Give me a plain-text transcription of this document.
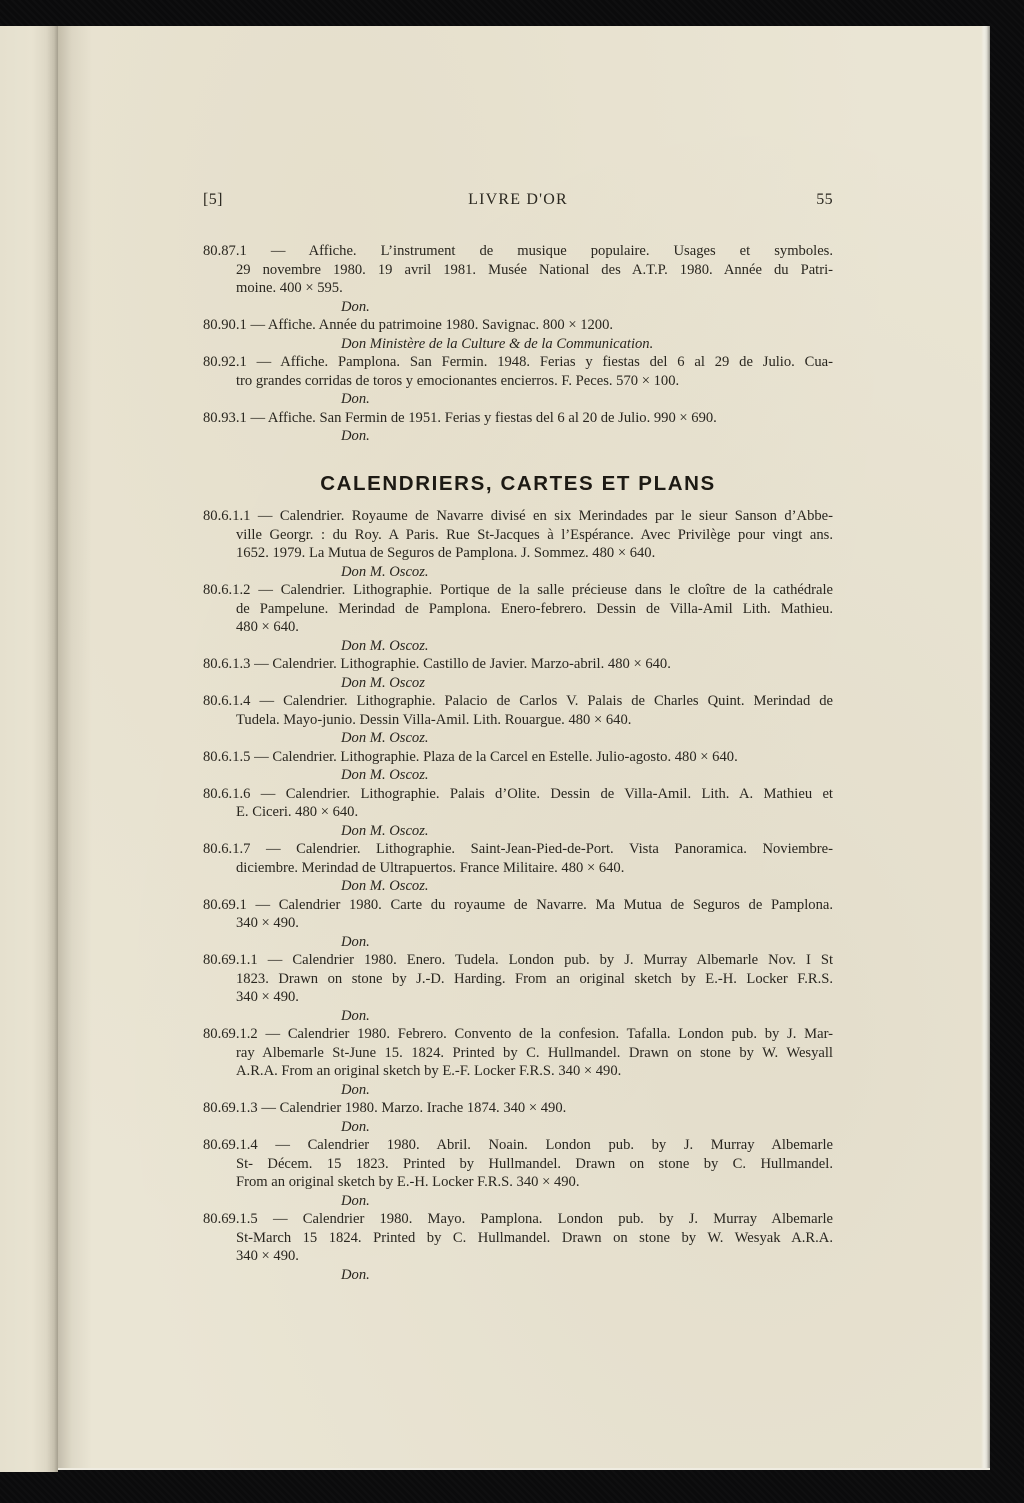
[5]	LIVRE D'OR	55
80.87.1 — Affiche. L’instrument de musique populaire. Usages et symboles.
29 novembre 1980. 19 avril 1981. Musée National des A.T.P. 1980. Année du Patri-
moine. 400 × 595.
Don.
80.90.1 — Affiche. Année du patrimoine 1980. Savignac. 800 × 1200.
Don Ministère de la Culture & de la Communication.
80.92.1 — Affiche. Pamplona. San Fermin. 1948. Ferias y fiestas del 6 al 29 de Julio. Cua-
tro grandes corridas de toros y emocionantes encierros. F. Peces. 570 × 100.
Don.
80.93.1 — Affiche. San Fermin de 1951. Ferias y fiestas del 6 al 20 de Julio. 990 × 690.
Don.
CALENDRIERS, CARTES ET PLANS
80.6.1.1 — Calendrier. Royaume de Navarre divisé en six Merindades par le sieur Sanson d’Abbe-
ville Georgr. : du Roy. A Paris. Rue St-Jacques à l’Espérance. Avec Privilège pour vingt ans.
1652. 1979. La Mutua de Seguros de Pamplona. J. Sommez. 480 × 640.
Don M. Oscoz.
80.6.1.2 — Calendrier. Lithographie. Portique de la salle précieuse dans le cloître de la cathédrale
de Pampelune. Merindad de Pamplona. Enero-febrero. Dessin de Villa-Amil Lith. Mathieu.
480 × 640.
Don M. Oscoz.
80.6.1.3 — Calendrier. Lithographie. Castillo de Javier. Marzo-abril. 480 × 640.
Don M. Oscoz
80.6.1.4 — Calendrier. Lithographie. Palacio de Carlos V. Palais de Charles Quint. Merindad de
Tudela. Mayo-junio. Dessin Villa-Amil. Lith. Rouargue. 480 × 640.
Don M. Oscoz.
80.6.1.5 — Calendrier. Lithographie. Plaza de la Carcel en Estelle. Julio-agosto. 480 × 640.
Don M. Oscoz.
80.6.1.6 — Calendrier. Lithographie. Palais d’Olite. Dessin de Villa-Amil. Lith. A. Mathieu et
E. Ciceri. 480 × 640.
Don M. Oscoz.
80.6.1.7 — Calendrier. Lithographie. Saint-Jean-Pied-de-Port. Vista Panoramica. Noviembre-
diciembre. Merindad de Ultrapuertos. France Militaire. 480 × 640.
Don M. Oscoz.
80.69.1 — Calendrier 1980. Carte du royaume de Navarre. Ma Mutua de Seguros de Pamplona.
340 × 490.
Don.
80.69.1.1 — Calendrier 1980. Enero. Tudela. London pub. by J. Murray Albemarle Nov. I St
1823. Drawn on stone by J.-D. Harding. From an original sketch by E.-H. Locker F.R.S.
340 × 490.
Don.
80.69.1.2 — Calendrier 1980. Febrero. Convento de la confesion. Tafalla. London pub. by J. Mar-
ray Albemarle St-June 15. 1824. Printed by C. Hullmandel. Drawn on stone by W. Wesyall
A.R.A. From an original sketch by E.-F. Locker F.R.S. 340 × 490.
Don.
80.69.1.3 — Calendrier 1980. Marzo. Irache 1874. 340 × 490.
Don.
80.69.1.4 — Calendrier 1980. Abril. Noain. London pub. by J. Murray Albemarle
St- Décem. 15 1823. Printed by Hullmandel. Drawn on stone by C. Hullmandel.
From an original sketch by E.-H. Locker F.R.S. 340 × 490.
Don.
80.69.1.5 — Calendrier 1980. Mayo. Pamplona. London pub. by J. Murray Albemarle
St-March 15 1824. Printed by C. Hullmandel. Drawn on stone by W. Wesyak A.R.A.
340 × 490.
Don.
